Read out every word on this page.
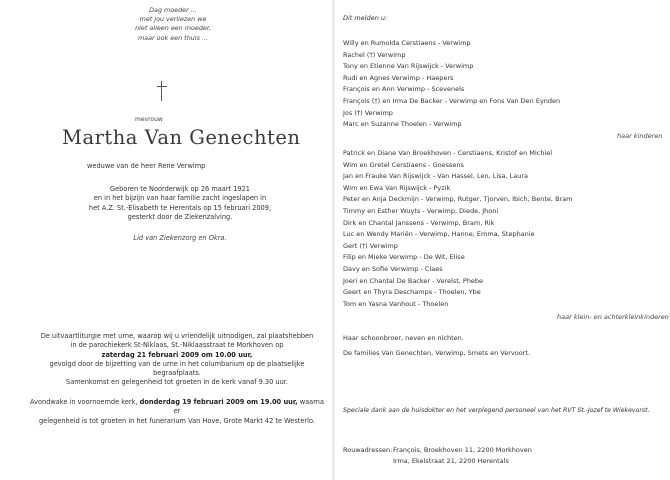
Dag moeder ...
met jou verliezen we
niet alleen een moeder,
maar ook een thuis ...
mevrouw
Martha Van Genechten
weduwe van de heer Rene Verwimp
Geboren te Noorderwijk op 26 maart 1921
en in het bijzijn van haar familie zacht ingeslapen in
het A.Z. St.-Elisabeth te Herentals op 15 februari 2009,
gesterkt door de Ziekenzalving.
Lid van Ziekenzorg en Okra.
De uitvaartliturgie met urne, waarop wij u vriendelijk uitnodigen, zal plaatshebben
in de parochiekerk St-Niklaas, St.-Niklaasstraat te Morkhoven op
zaterdag 21 februari 2009 om 10.00 uur,
gevolgd door de bijzetting van de urne in het columbarium op de plaatselijke begraafplaats.
Samenkomst en gelegenheid tot groeten in de kerk vanaf 9.30 uur.
Avondwake in voornoemde kerk, donderdag 19 februari 2009 om 19.00 uur, waarna er
gelegenheid is tot groeten in het funerarium Van Hove, Grote Markt 42 te Westerlo.
Dit melden u:
Willy en Rumolda Cerstiaens - Verwimp
Rachel (†) Verwimp
Tony en Etienne Van Rijswijck - Verwimp
Rudi en Agnes Verwimp - Haepers
François en Ann Verwimp - Scevenels
François (†) en Irma De Backer - Verwimp en Fons Van Den Eynden
Jos (†) Verwimp
Marc en Suzanne Thoelen - Verwimp
haar kinderen
Patrick en Diane Van Broekhoven - Cerstiaens, Kristof en Michiel
Wim en Gretel Cerstiaens - Goessens
Jan en Frauke Van Rijswijck - Van Hassel, Len, Lisa, Laura
Wim en Ewa Van Rijswijck - Pyzik
Peter en Anja Deckmijn - Verwimp, Rutger, Tjorven, Ibich, Bente, Bram
Timmy en Esther Wuyts - Verwimp, Diede, Jhoni
Dirk en Chantal Janssens - Verwimp, Bram, Rik
Luc en Wendy Mariën - Verwimp, Hanne, Emma, Stephanie
Gert (†) Verwimp
Filip en Mieke Verwimp - De Wit, Elise
Davy en Sofie Verwimp - Claes
Joeri en Chantal De Backer - Verelst, Phebe
Geert en Thyra Deschamps - Thoelen, Ybe
Tom en Yasna Vanhout - Thoelen
haar klein- en achterkleinkinderen
Haar schoonbroer, neven en nichten.
De families Van Genechten, Verwimp, Smets en Vervoort.
Speciale dank aan de huisdokter en het verplegend personeel van het RVT St.-Jozef te Wiekevorst.
Rouwadressen: François, Broekhoven 11, 2200 Morkhoven
Irma, Ekelstraat 21, 2200 Herentals
